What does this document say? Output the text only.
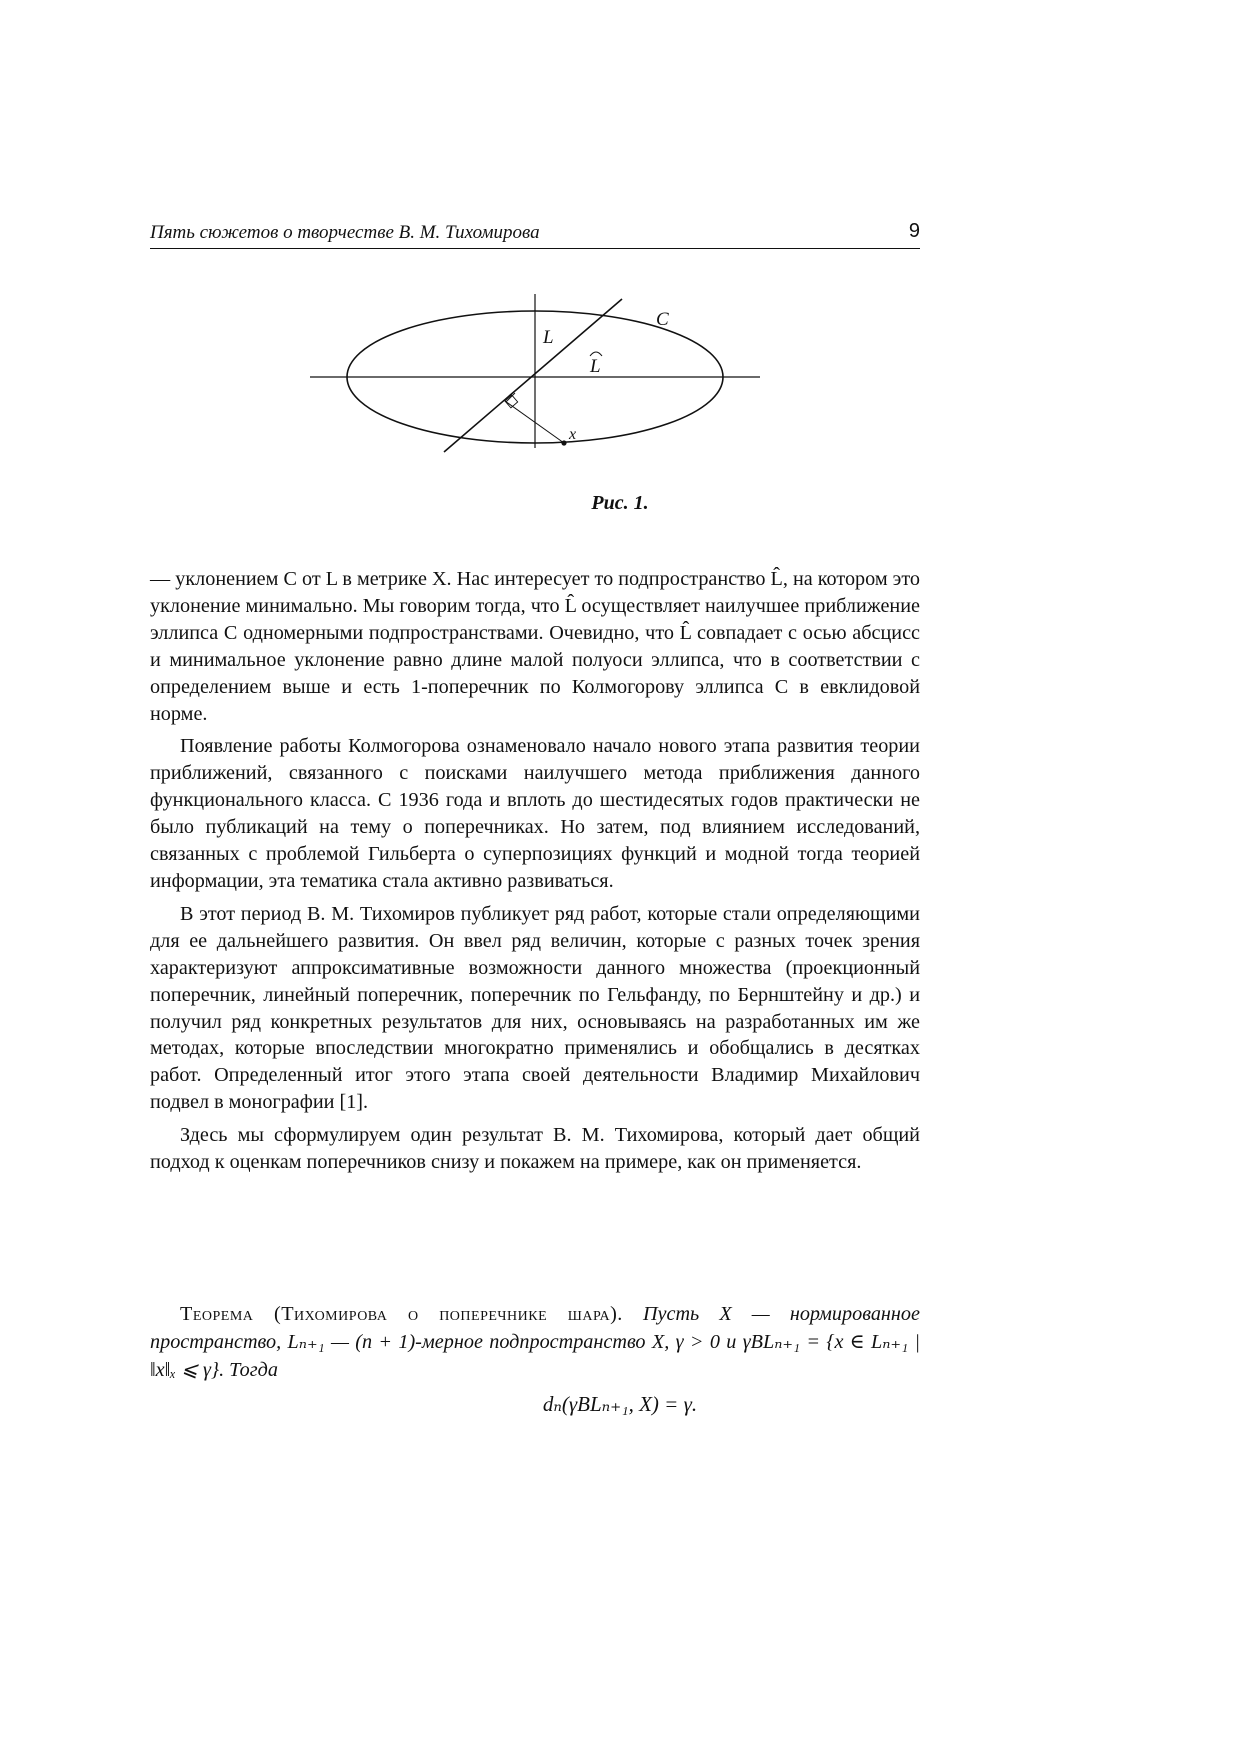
Пять сюжетов о творчестве В. М. Тихомирова	9
C
L
L
x
Рис. 1.

— уклонением C от L в метрике X. Нас интересует то подпространство L̂, на котором это уклонение минимально. Мы говорим тогда, что L̂ осуществляет наилучшее приближение эллипса C одномерными подпространствами. Очевидно, что L̂ совпадает с осью абсцисс и минимальное уклонение равно длине малой полуоси эллипса, что в соответствии с определением выше и есть 1-поперечник по Колмогорову эллипса C в евклидовой норме.

Появление работы Колмогорова ознаменовало начало нового этапа развития теории приближений, связанного с поисками наилучшего метода приближения данного функционального класса. С 1936 года и вплоть до шестидесятых годов практически не было публикаций на тему о поперечниках. Но затем, под влиянием исследований, связанных с проблемой Гильберта о суперпозициях функций и модной тогда теорией информации, эта тематика стала активно развиваться.

В этот период В. М. Тихомиров публикует ряд работ, которые стали определяющими для ее дальнейшего развития. Он ввел ряд величин, которые с разных точек зрения характеризуют аппроксимативные возможности данного множества (проекционный поперечник, линейный поперечник, поперечник по Гельфанду, по Бернштейну и др.) и получил ряд конкретных результатов для них, основываясь на разработанных им же методах, которые впоследствии многократно применялись и обобщались в десятках работ. Определенный итог этого этапа своей деятельности Владимир Михайлович подвел в монографии [1].

Здесь мы сформулируем один результат В. М. Тихомирова, который дает общий подход к оценкам поперечников снизу и покажем на примере, как он применяется.

Теорема (Тихомирова о поперечнике шара). Пусть X — нормированное пространство, Lₙ₊₁ — (n + 1)-мерное подпространство X, γ > 0 и γBLₙ₊₁ = {x ∈ Lₙ₊₁ | ‖x‖ₓ ⩽ γ}. Тогда
dₙ(γBLₙ₊₁, X) = γ.
